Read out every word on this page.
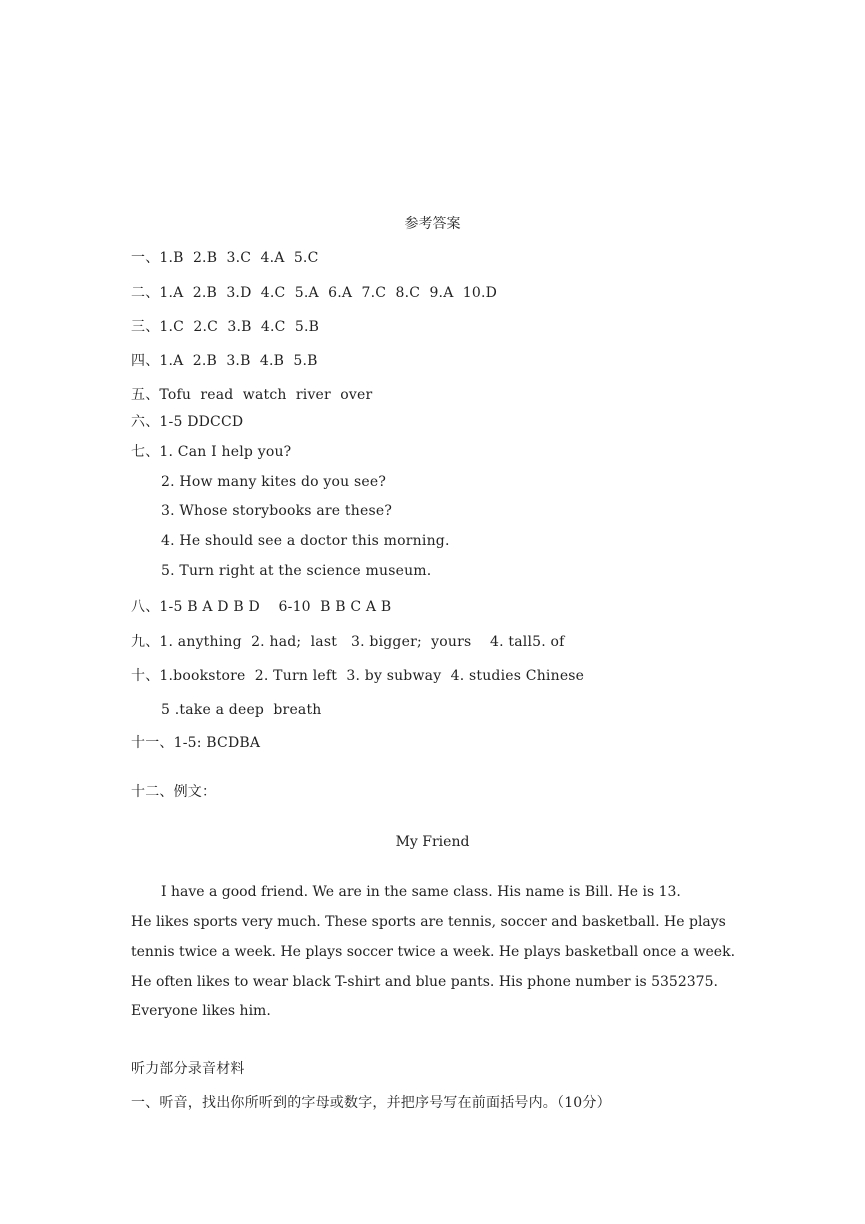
参考答案
一、1.B  2.B  3.C  4.A  5.C
二、1.A  2.B  3.D  4.C  5.A  6.A  7.C  8.C  9.A  10.D
三、1.C  2.C  3.B  4.C  5.B
四、1.A  2.B  3.B  4.B  5.B
五、Tofu  read  watch  river  over
六、1-5 DDCCD
七、1. Can I help you?
2. How many kites do you see?
3. Whose storybooks are these?
4. He should see a doctor this morning.
5. Turn right at the science museum.
八、1-5 B A D B D    6-10  B B C A B
九、1. anything  2. had;  last   3. bigger;  yours    4. tall5. of
十、1.bookstore  2. Turn left  3. by subway  4. studies Chinese
5 .take a deep  breath
十一、1-5: BCDBA
十二、例文：
My Friend
I have a good friend. We are in the same class. His name is Bill. He is 13.
He likes sports very much. These sports are tennis, soccer and basketball. He plays
tennis twice a week. He plays soccer twice a week. He plays basketball once a week.
He often likes to wear black T-shirt and blue pants. His phone number is 5352375.
Everyone likes him.
听力部分录音材料
一、听音，找出你所听到的字母或数字，并把序号写在前面括号内。（10分）
